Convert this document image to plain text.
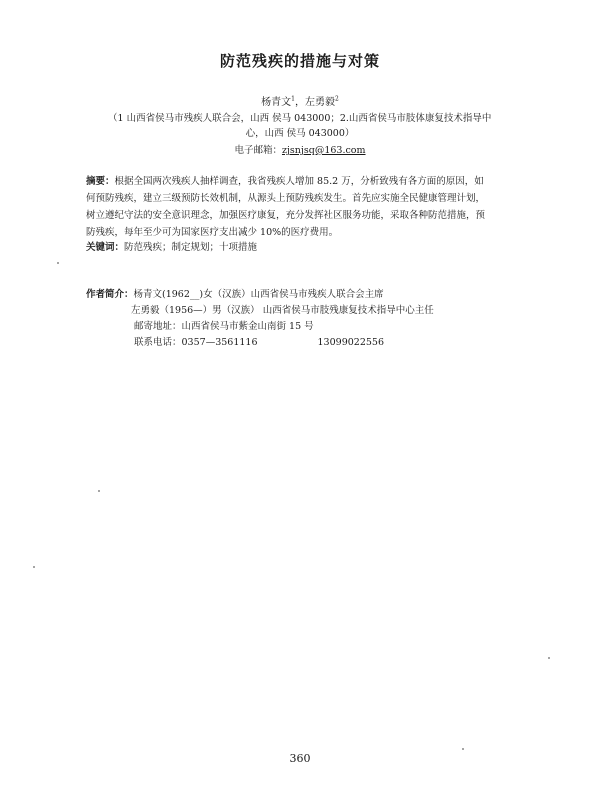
防范残疾的措施与对策
杨青文$^1$，左勇毅$^2$
（1 山西省侯马市残疾人联合会，山西 侯马 043000；2.山西省侯马市肢体康复技术指导中
心，山西 侯马 043000）
电子邮箱：zjsnjsq@163.com
摘要：根据全国两次残疾人抽样调查，我省残疾人增加 85.2 万，分析致残有各方面的原因，如
何预防残疾，建立三级预防长效机制，从源头上预防残疾发生。首先应实施全民健康管理计划，
树立遵纪守法的安全意识理念，加强医疗康复，充分发挥社区服务功能，采取各种防范措施，预
防残疾，每年至少可为国家医疗支出减少 10%的医疗费用。
关键词：防范残疾；制定规划；十项措施
作者简介：杨青文(1962__)女（汉族）山西省侯马市残疾人联合会主席
左勇毅（1956—）男（汉族） 山西省侯马市肢残康复技术指导中心主任
邮寄地址：山西省侯马市紫金山南街 15 号
联系电话：0357—3561116	13099022556
360
